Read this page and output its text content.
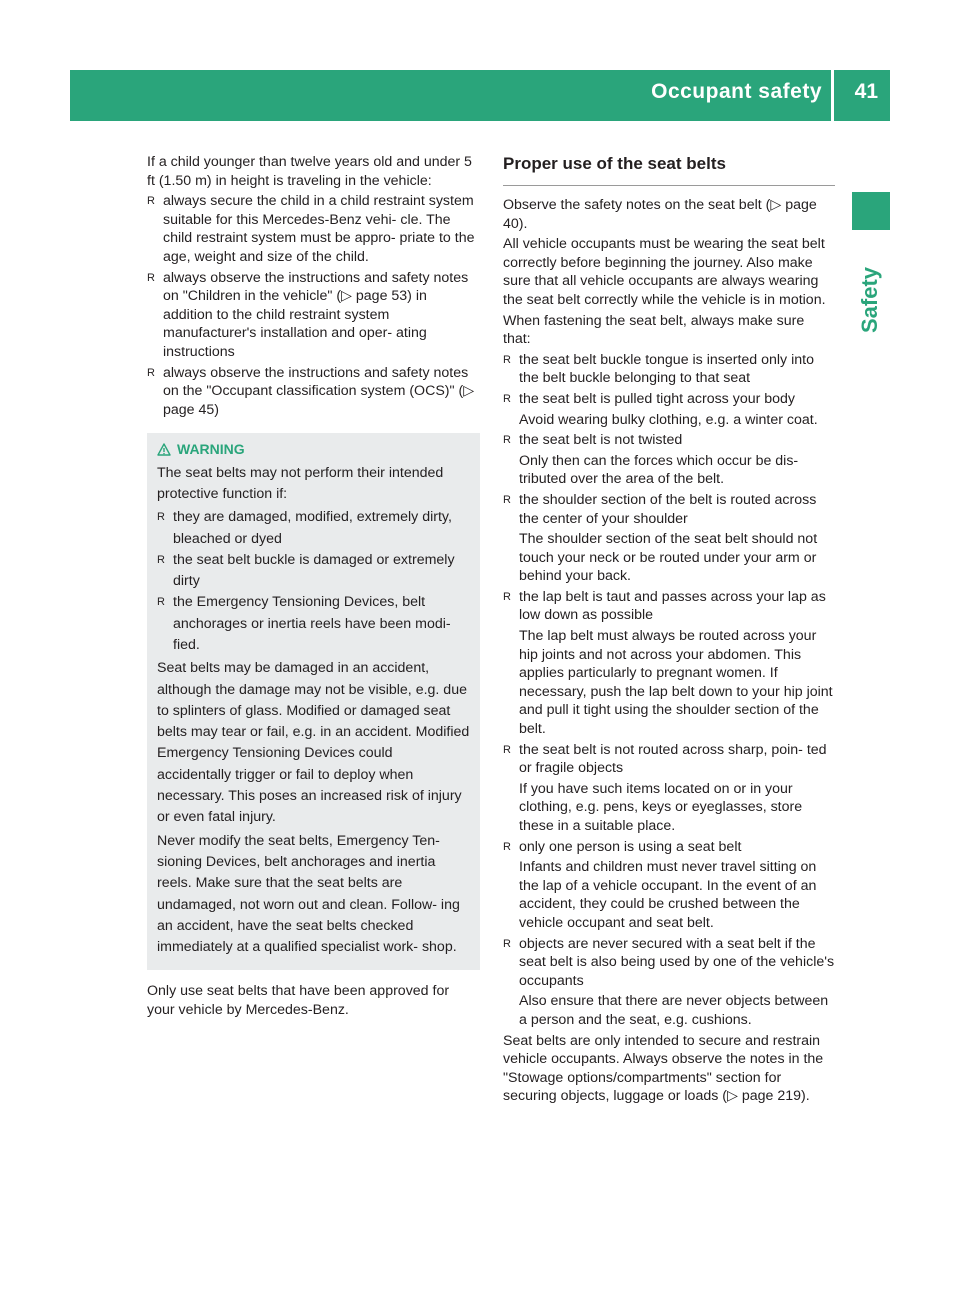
Occupant safety 41
Safety

If a child younger than twelve years old and under 5 ft (1.50 m) in height is traveling in the vehicle:

R always secure the child in a child restraint system suitable for this Mercedes-Benz vehi- cle. The child restraint system must be appro- priate to the age, weight and size of the child.
R always observe the instructions and safety notes on "Children in the vehicle" (▷ page 53) in addition to the child restraint system manufacturer's installation and oper- ating instructions
R always observe the instructions and safety notes on the "Occupant classification system (OCS)" (▷ page 45)
WARNING

The seat belts may not perform their intended protective function if:

R they are damaged, modified, extremely dirty, bleached or dyed
R the seat belt buckle is damaged or extremely dirty
R the Emergency Tensioning Devices, belt anchorages or inertia reels have been modi- fied.

Seat belts may be damaged in an accident, although the damage may not be visible, e.g. due to splinters of glass. Modified or damaged seat belts may tear or fail, e.g. in an accident. Modified Emergency Tensioning Devices could accidentally trigger or fail to deploy when necessary. This poses an increased risk of injury or even fatal injury.

Never modify the seat belts, Emergency Ten- sioning Devices, belt anchorages and inertia reels. Make sure that the seat belts are undamaged, not worn out and clean. Follow- ing an accident, have the seat belts checked immediately at a qualified specialist work- shop.

Only use seat belts that have been approved for your vehicle by Mercedes-Benz.

Proper use of the seat belts

Observe the safety notes on the seat belt (▷ page 40).

All vehicle occupants must be wearing the seat belt correctly before beginning the journey. Also make sure that all vehicle occupants are always wearing the seat belt correctly while the vehicle is in motion.

When fastening the seat belt, always make sure that:

R the seat belt buckle tongue is inserted only into the belt buckle belonging to that seat
R the seat belt is pulled tight across your body
Avoid wearing bulky clothing, e.g. a winter coat.
R the seat belt is not twisted
Only then can the forces which occur be dis- tributed over the area of the belt.
R the shoulder section of the belt is routed across the center of your shoulder
The shoulder section of the seat belt should not touch your neck or be routed under your arm or behind your back.
R the lap belt is taut and passes across your lap as low down as possible
The lap belt must always be routed across your hip joints and not across your abdomen. This applies particularly to pregnant women. If necessary, push the lap belt down to your hip joint and pull it tight using the shoulder section of the belt.
R the seat belt is not routed across sharp, poin- ted or fragile objects
If you have such items located on or in your clothing, e.g. pens, keys or eyeglasses, store these in a suitable place.
R only one person is using a seat belt
Infants and children must never travel sitting on the lap of a vehicle occupant. In the event of an accident, they could be crushed between the vehicle occupant and seat belt.
R objects are never secured with a seat belt if the seat belt is also being used by one of the vehicle's occupants
Also ensure that there are never objects between a person and the seat, e.g. cushions.

Seat belts are only intended to secure and restrain vehicle occupants. Always observe the notes in the "Stowage options/compartments" section for securing objects, luggage or loads (▷ page 219).
